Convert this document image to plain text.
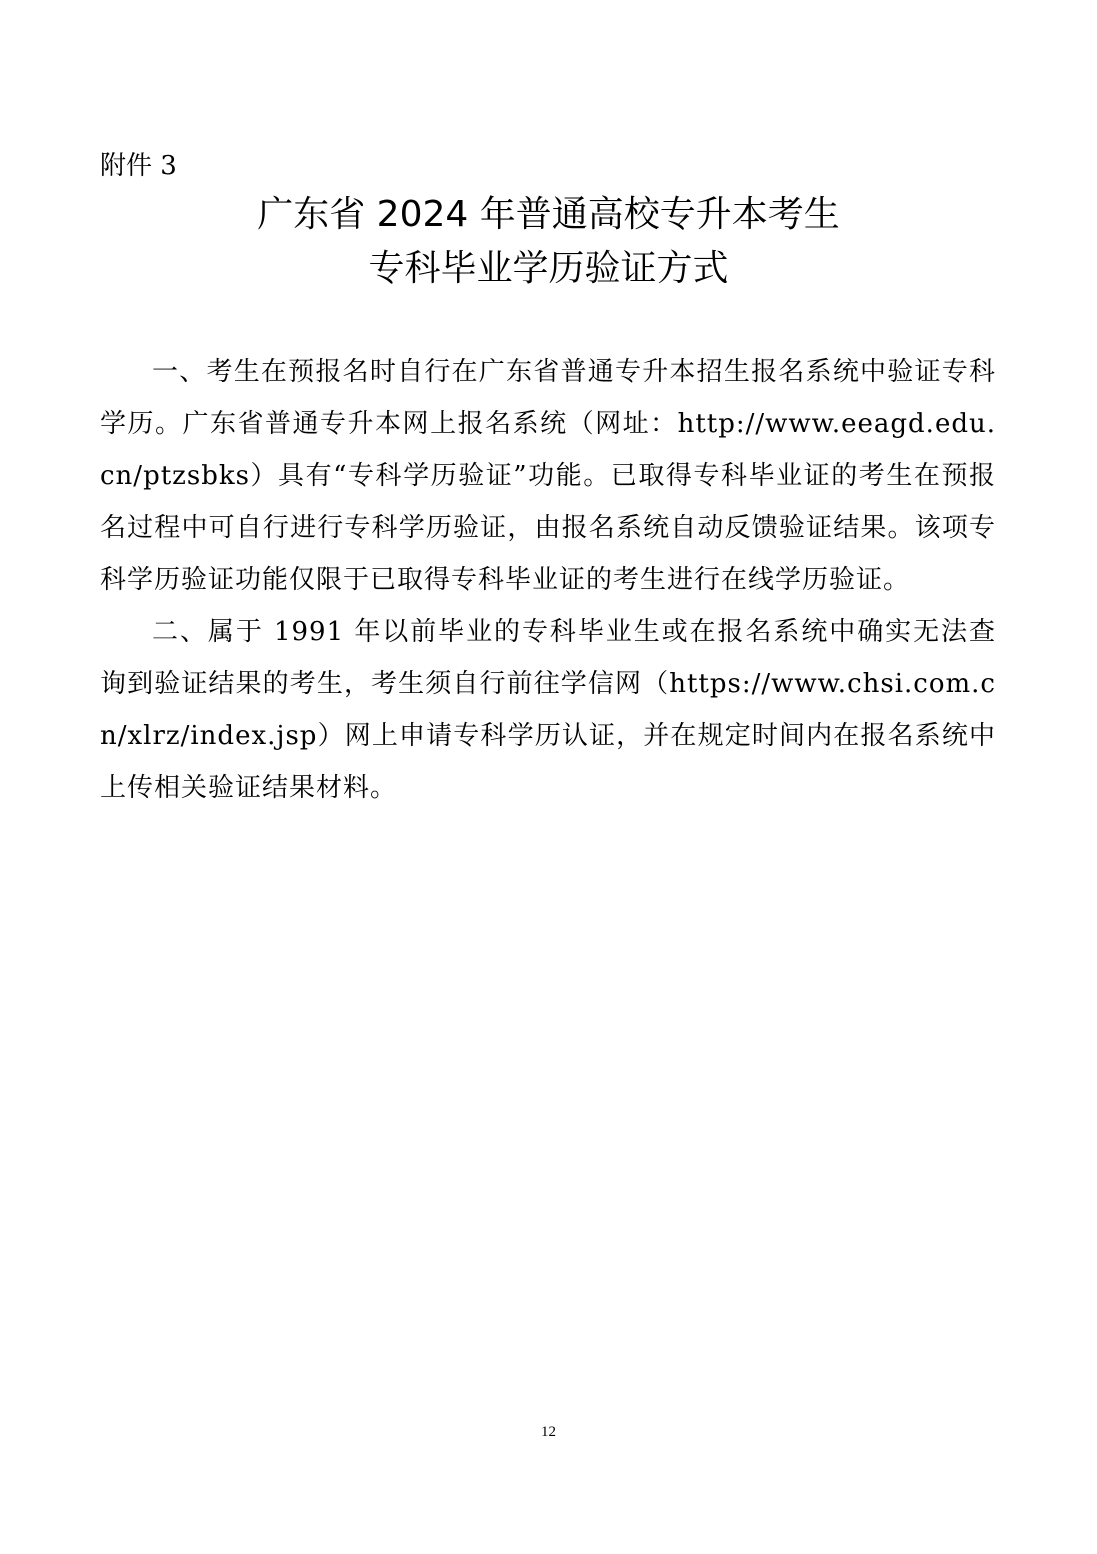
附件 3
广东省 2024 年普通高校专升本考生
专科毕业学历验证方式

一、考生在预报名时自行在广东省普通专升本招生报名系统中验证专科学历。广东省普通专升本网上报名系统（网址：http://www.eeagd.edu.cn/ptzsbks）具有“专科学历验证”功能。已取得专科毕业证的考生在预报名过程中可自行进行专科学历验证，由报名系统自动反馈验证结果。该项专科学历验证功能仅限于已取得专科毕业证的考生进行在线学历验证。

二、属于 1991 年以前毕业的专科毕业生或在报名系统中确实无法查询到验证结果的考生，考生须自行前往学信网（https://www.chsi.com.cn/xlrz/index.jsp）网上申请专科学历认证，并在规定时间内在报名系统中上传相关验证结果材料。

12
